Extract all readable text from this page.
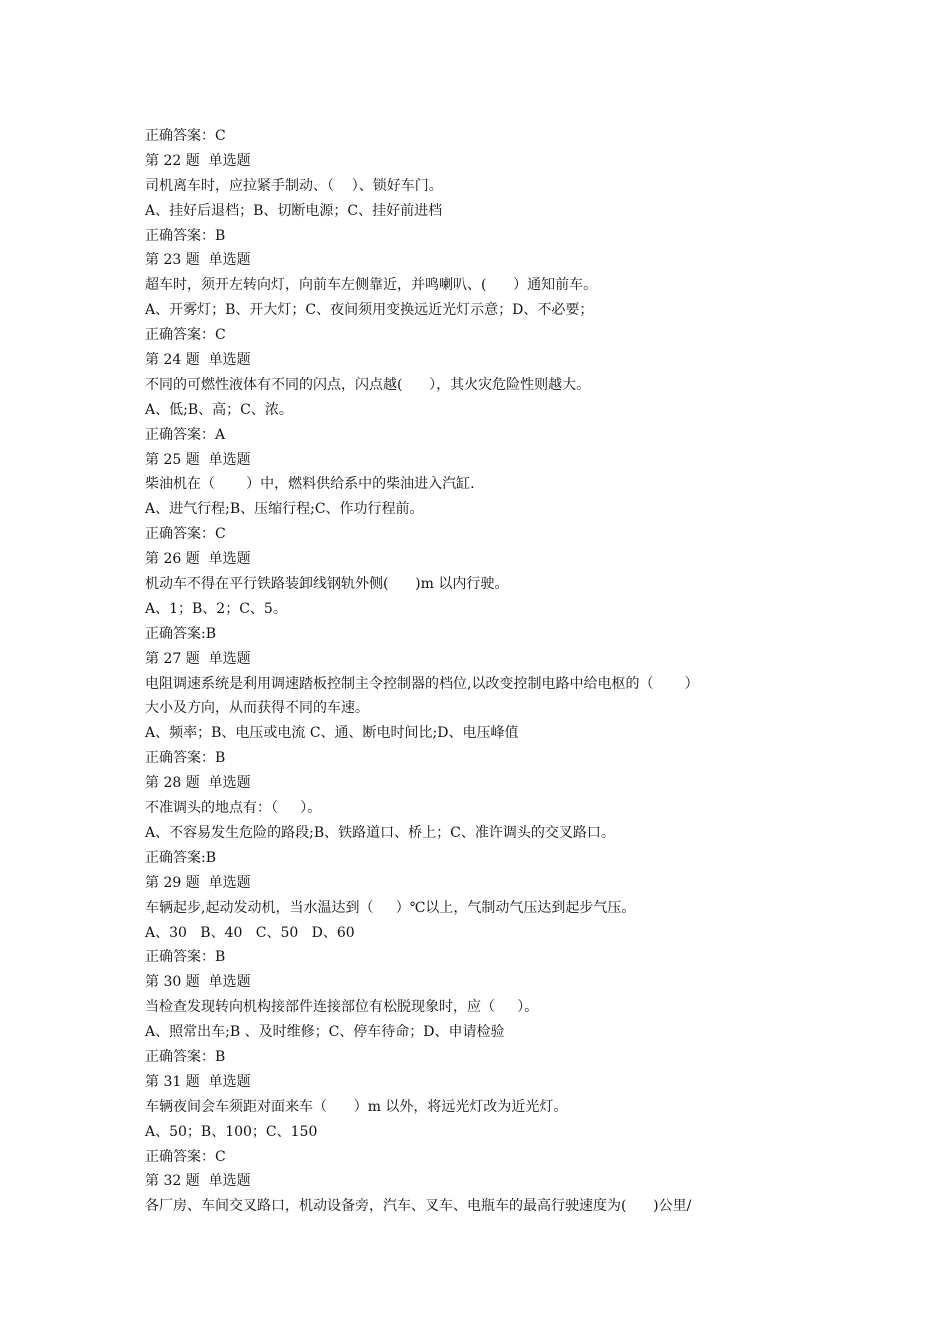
正确答案：C
第 22 题  单选题
司机离车时，应拉紧手制动、（    ）、锁好车门。
A、挂好后退档；B、切断电源；C、挂好前进档
正确答案：B
第 23 题  单选题
超车时，须开左转向灯，向前车左侧靠近，并鸣喇叭、(      ）通知前车。
A、开雾灯；B、开大灯；C、夜间须用变换远近光灯示意；D、不必要；
正确答案：C
第 24 题  单选题
不同的可燃性液体有不同的闪点，闪点越(      ），其火灾危险性则越大。
A、低;B、高；C、浓。
正确答案：A
第 25 题  单选题
柴油机在（       ）中，燃料供给系中的柴油进入汽缸.
A、进气行程;B、压缩行程;C、作功行程前。
正确答案：C
第 26 题  单选题
机动车不得在平行铁路装卸线钢轨外侧(      )m 以内行驶。
A、1；B、2；C、5。
正确答案:B
第 27 题  单选题
电阻调速系统是利用调速踏板控制主令控制器的档位,以改变控制电路中给电枢的（       ）
大小及方向，从而获得不同的车速。
A、频率；B、电压或电流 C、通、断电时间比;D、电压峰值
正确答案：B
第 28 题  单选题
不准调头的地点有：（     ）。
A、不容易发生危险的路段;B、铁路道口、桥上；C、准许调头的交叉路口。
正确答案:B
第 29 题  单选题
车辆起步,起动发动机，当水温达到（     ）℃以上，气制动气压达到起步气压。
A、30   B、40   C、50   D、60
正确答案：B
第 30 题  单选题
当检查发现转向机构接部件连接部位有松脱现象时，应（     ）。
A、照常出车;B 、及时维修；C、停车待命；D、申请检验
正确答案：B
第 31 题  单选题
车辆夜间会车须距对面来车（      ）m 以外，将远光灯改为近光灯。
A、50；B、100；C、150
正确答案：C
第 32 题  单选题
各厂房、车间交叉路口，机动设备旁，汽车、叉车、电瓶车的最高行驶速度为(      )公里/
